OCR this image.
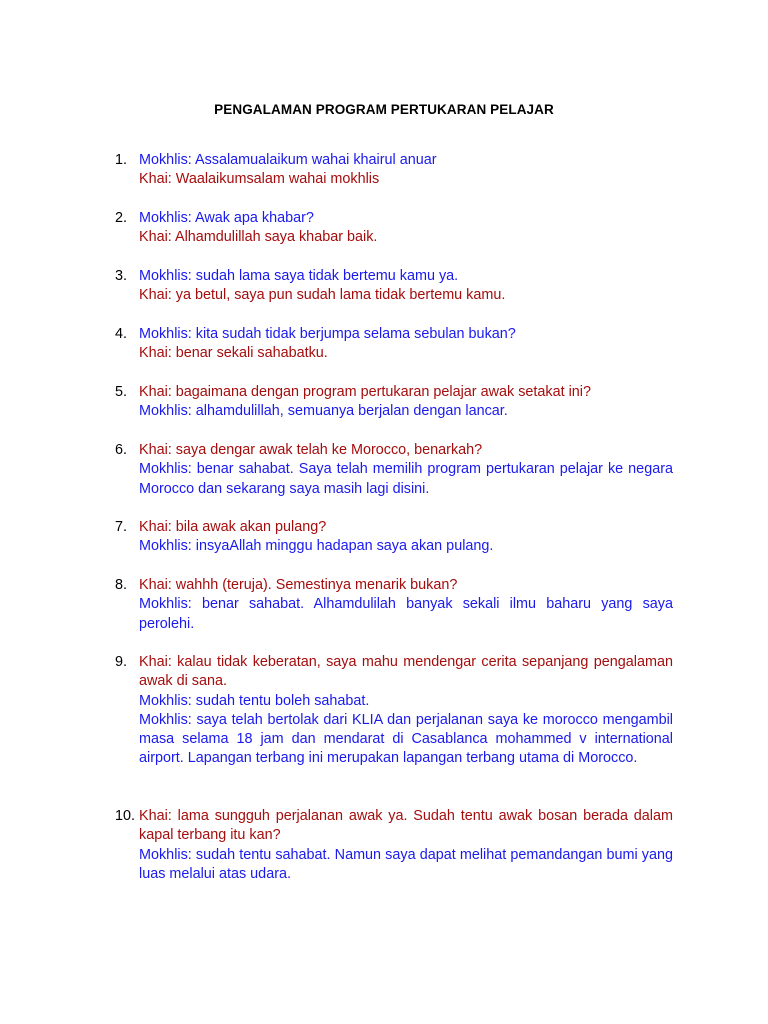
PENGALAMAN PROGRAM PERTUKARAN PELAJAR
1. Mokhlis: Assalamualaikum wahai khairul anuar
Khai: Waalaikumsalam wahai mokhlis
2. Mokhlis: Awak apa khabar?
Khai: Alhamdulillah saya khabar baik.
3. Mokhlis: sudah lama saya tidak bertemu kamu ya.
Khai: ya betul, saya pun sudah lama tidak bertemu kamu.
4. Mokhlis: kita sudah tidak berjumpa selama sebulan bukan?
Khai: benar sekali sahabatku.
5. Khai: bagaimana dengan program pertukaran pelajar awak setakat ini?
Mokhlis: alhamdulillah, semuanya berjalan dengan lancar.
6. Khai: saya dengar awak telah ke Morocco, benarkah?
Mokhlis: benar sahabat. Saya telah memilih program pertukaran pelajar ke negara Morocco dan sekarang saya masih lagi disini.
7. Khai: bila awak akan pulang?
Mokhlis: insyaAllah minggu hadapan saya akan pulang.
8. Khai: wahhh (teruja). Semestinya menarik bukan?
Mokhlis: benar sahabat. Alhamdulilah banyak sekali ilmu baharu yang saya perolehi.
9. Khai: kalau tidak keberatan, saya mahu mendengar cerita sepanjang pengalaman awak di sana.
Mokhlis: sudah tentu boleh sahabat.
Mokhlis: saya telah bertolak dari KLIA dan perjalanan saya ke morocco mengambil masa selama 18 jam dan mendarat di Casablanca mohammed v international airport. Lapangan terbang ini merupakan lapangan terbang utama di Morocco.
10. Khai: lama sungguh perjalanan awak ya. Sudah tentu awak bosan berada dalam kapal terbang itu kan?
Mokhlis: sudah tentu sahabat. Namun saya dapat melihat pemandangan bumi yang luas melalui atas udara.
